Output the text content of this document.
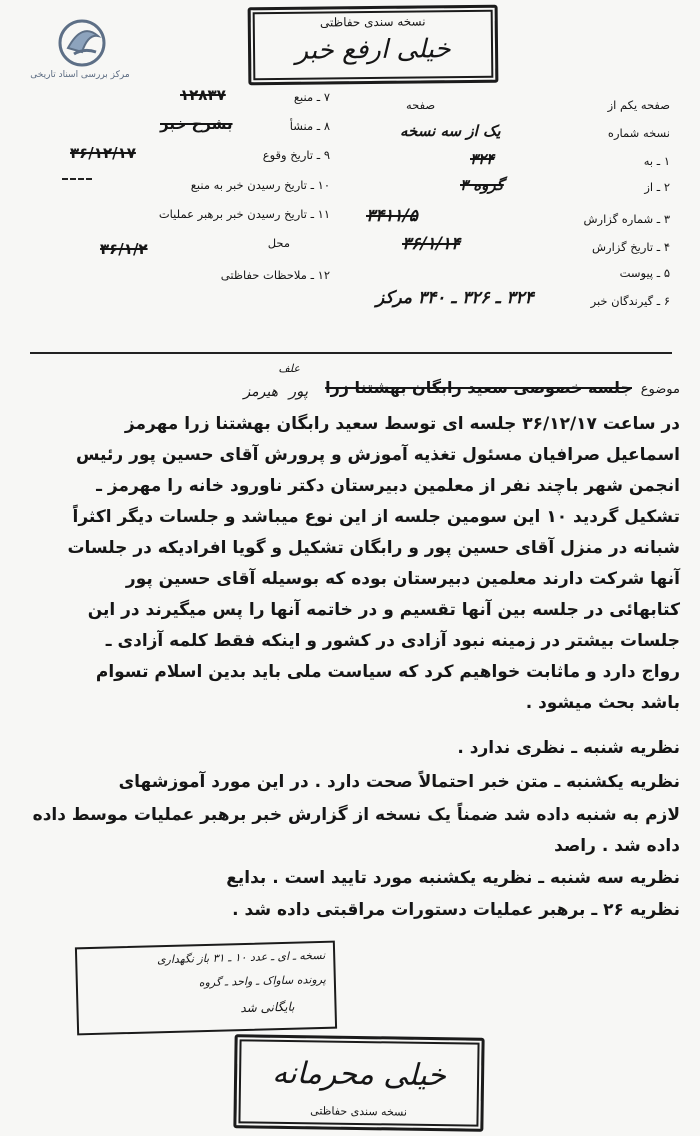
مرکز بررسی اسناد تاریخی
نسخه سندی حفاظتی
خیلی ارفع خبر
۱۲۸۳۷	۷ ـ منبع
بشرح خبر	۸ ـ منشأ
۳۶/۱۲/۱۷	۹ ـ تاریخ وقوع
۱۰ ـ تاریخ رسیدن خبر به منبع
۱۱ ـ تاریخ رسیدن خبر برهبر عملیات
۳۶/۱/۲	محل
۱۲ ـ ملاحظات حفاظتی
صفحه	صفحه یکم از
یک از سه نسخه	نسخه شماره
۳۲۴	۱ ـ به
گروه ۳	۲ ـ از
۳۴۱۱/۵	۳ ـ شماره گزارش
۳۶/۱/۱۴	۴ ـ تاریخ گزارش
۵ ـ پیوست
۳۲۴ ـ ۳۲۶ ـ ۳۴۰ مرکز	۶ ـ گیرندگان خبر
موضوع
جلسه خصوصی سعید رابگان بهشتنا زرا
پور
هیرمز
علف
در ساعت ۳۶/۱۲/۱۷ جلسه ای توسط سعید رابگان بهشتنا زرا مهرمز
اسماعیل صرافیان مسئول تغذیه آموزش و پرورش آقای حسین پور رئیس
انجمن شهر باچند نفر از معلمین دبیرستان دکتر ناورود خانه را مهرمز ـ
تشکیل گردید ۱۰ این سومین جلسه از این نوع میباشد و جلسات دیگر اکثراً
شبانه در منزل آقای حسین پور و رابگان تشکیل و گویا افرادیکه در جلسات
آنها شرکت دارند معلمین دبیرستان بوده که بوسیله آقای حسین پور
کتابهائی در جلسه بین آنها تقسیم و در خاتمه آنها را پس میگیرند در این
جلسات بیشتر در زمینه نبود آزادی در کشور و اینکه فقط کلمه آزادی ـ
رواج دارد و ماثابت خواهیم کرد که سیاست ملی باید بدین اسلام تسوام
باشد بحث میشود .
نظریه شنبه ـ نظری ندارد .
نظریه یکشنبه ـ متن خبر احتمالاً صحت دارد . در این مورد آموزشهای
لازم به شنبه داده شد ضمناً یک نسخه از گزارش خبر برهبر عملیات موسط داده
داده شد . راصد
نظریه سه شنبه ـ نظریه یکشنبه مورد تایید است . بدایع
نظریه ۲۶ ـ برهبر عملیات دستورات مراقبتی داده شد .
نسخه ـ ای ـ عدد ۱۰ ـ ۳۱ باز نگهداری
پرونده ساواک ـ واحد ـ گروه
بایگانی شد
خیلی محرمانه
نسخه سندی حفاظتی
